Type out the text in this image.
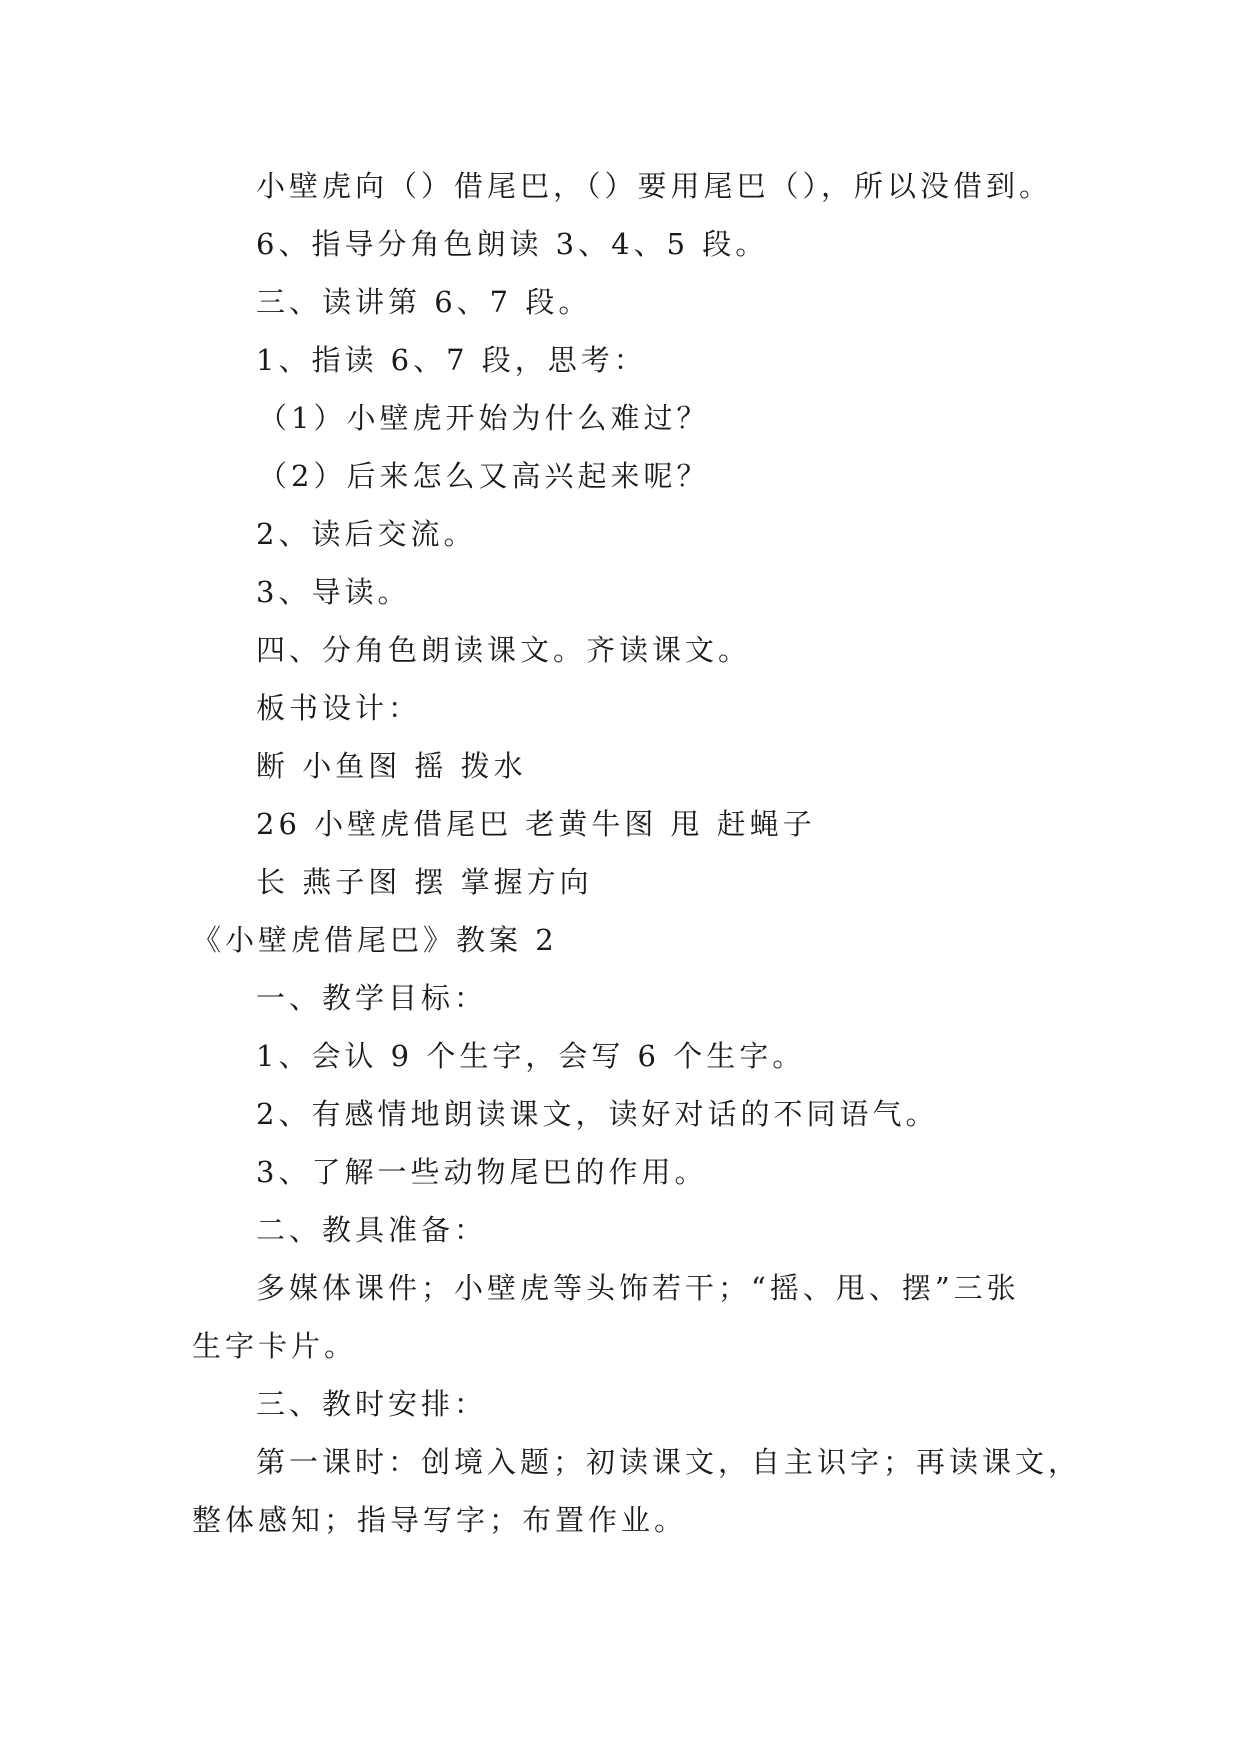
小壁虎向（）借尾巴，（）要用尾巴（），所以没借到。
6、指导分角色朗读 3、4、5 段。
三、读讲第 6、7 段。
1、指读 6、7 段，思考：
（1）小壁虎开始为什么难过？
（2）后来怎么又高兴起来呢？
2、读后交流。
3、导读。
四、分角色朗读课文。齐读课文。
板书设计：
断 小鱼图 摇 拨水
26 小壁虎借尾巴 老黄牛图 甩 赶蝇子
长 燕子图 摆 掌握方向
《小壁虎借尾巴》教案 2
一、教学目标：
1、会认 9 个生字，会写 6 个生字。
2、有感情地朗读课文，读好对话的不同语气。
3、了解一些动物尾巴的作用。
二、教具准备：
多媒体课件；小壁虎等头饰若干；“摇、甩、摆”三张
生字卡片。
三、教时安排：
第一课时：创境入题；初读课文，自主识字；再读课文，
整体感知；指导写字；布置作业。
